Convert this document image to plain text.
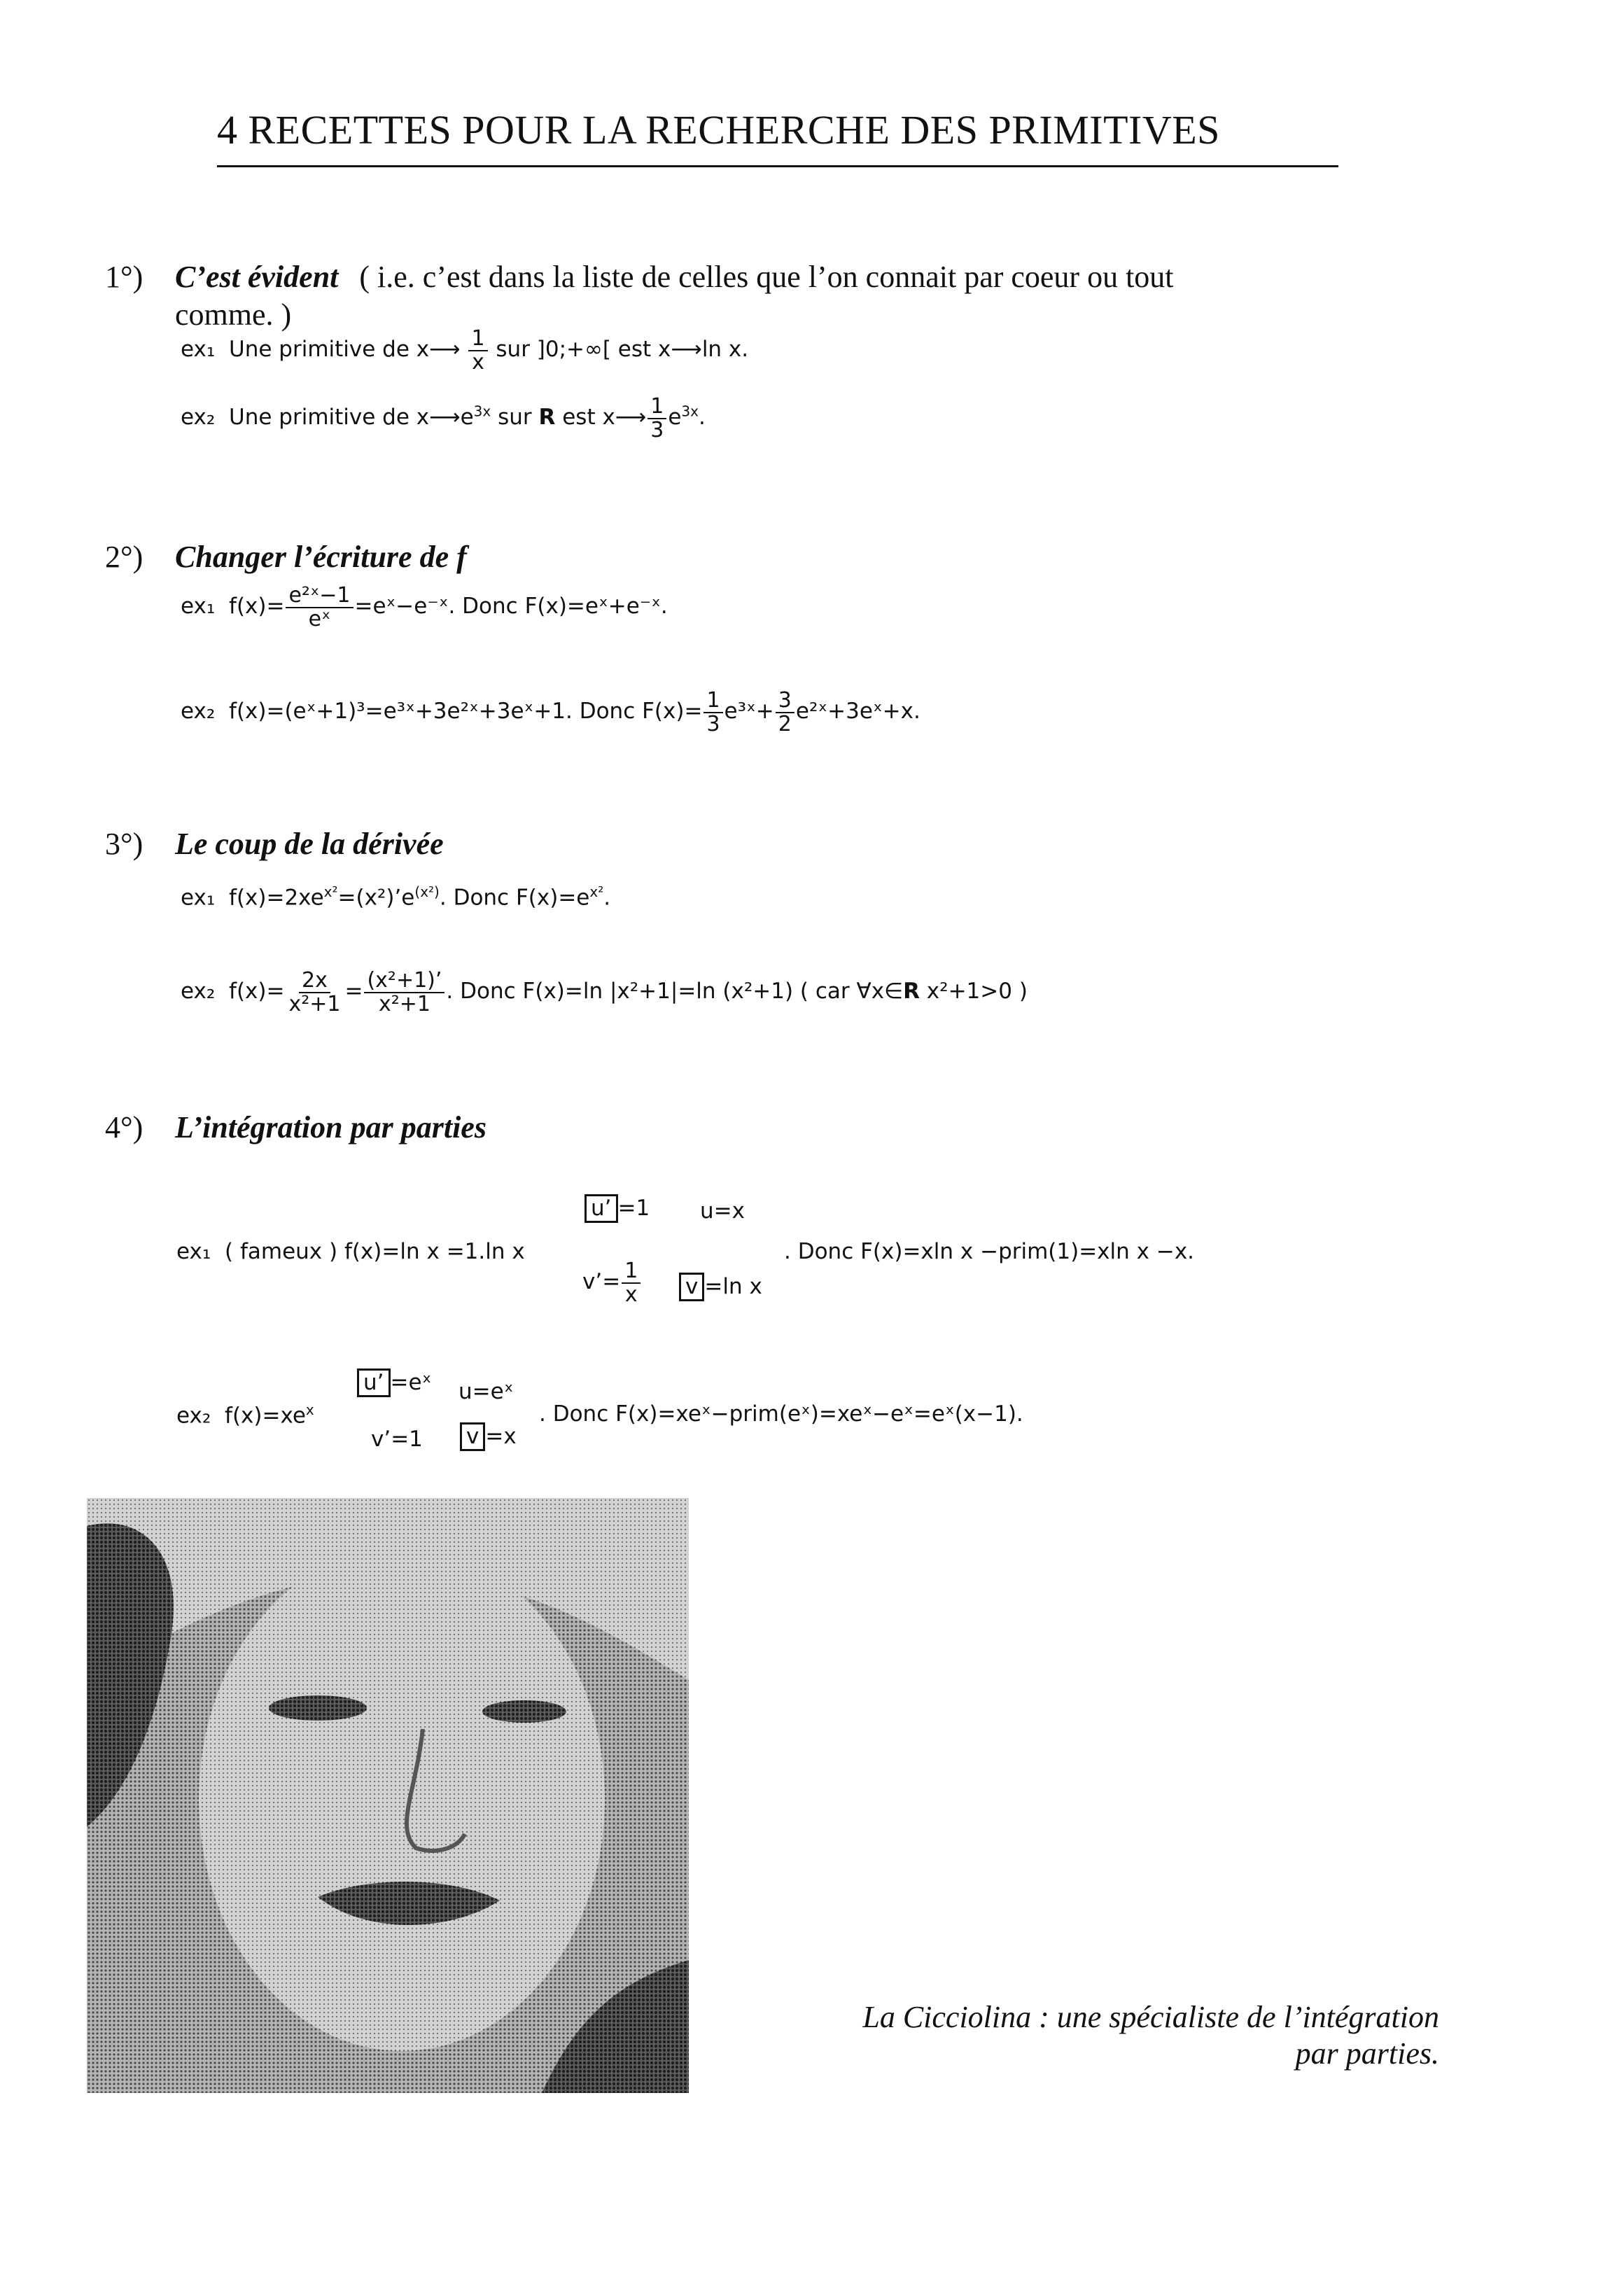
4 RECETTES POUR LA RECHERCHE DES PRIMITIVES
1°) C’est évident ( i.e. c’est dans la liste de celles que l’on connait par coeur ou tout
comme. )
ex₁ Une primitive de x⟶ $\frac{1}{x}$ sur ]0;+∞[ est x⟶ln x.
ex₂ Une primitive de $x⟶e^{3x}$ sur R est x⟶ $\frac{1}{3} e^{3x}$.
2°) Changer l’écriture de f
ex₁ $f(x)= \frac{\text{e²ˣ−1}}{\text{eˣ}}$ =eˣ−e⁻ˣ. Donc F(x)=eˣ+e⁻ˣ.
ex₂ f(x)=(eˣ+1)³=e³ˣ+3e²ˣ+3eˣ+1. Donc $F(x)= \frac{1}{3}$ e³ˣ+ $\frac{3}{2}$ e²ˣ+3eˣ+x.
3°) Le coup de la dérivée
ex₁ $f(x)=2xe^{x^2}=(x^2)’e^{(x^2)}$. Donc $F(x)=e^{x^2}$.
ex₂ $f(x)= \frac{2x}{\text{x²+1}} = \frac{\text{(x²+1)’}}{\text{x²+1}}$ . Donc F(x)=ln |x²+1|=ln (x²+1) ( car ∀x∈R x²+1>0 )
4°) L’intégration par parties
ex₁ ( fameux ) f(x)=ln x =1.ln x
u’ =1 u=x
v’= $\frac{1}{x}$ v =ln x
. Donc F(x)=xln x −prim(1)=xln x −x.
ex₂ $f(x)=xe^x$
u’ =eˣ u=eˣ
v’=1 v =x
. Donc F(x)=xeˣ−prim(eˣ)=xeˣ−eˣ=eˣ(x−1).
La Cicciolina : une spécialiste de l’intégration
par parties.
